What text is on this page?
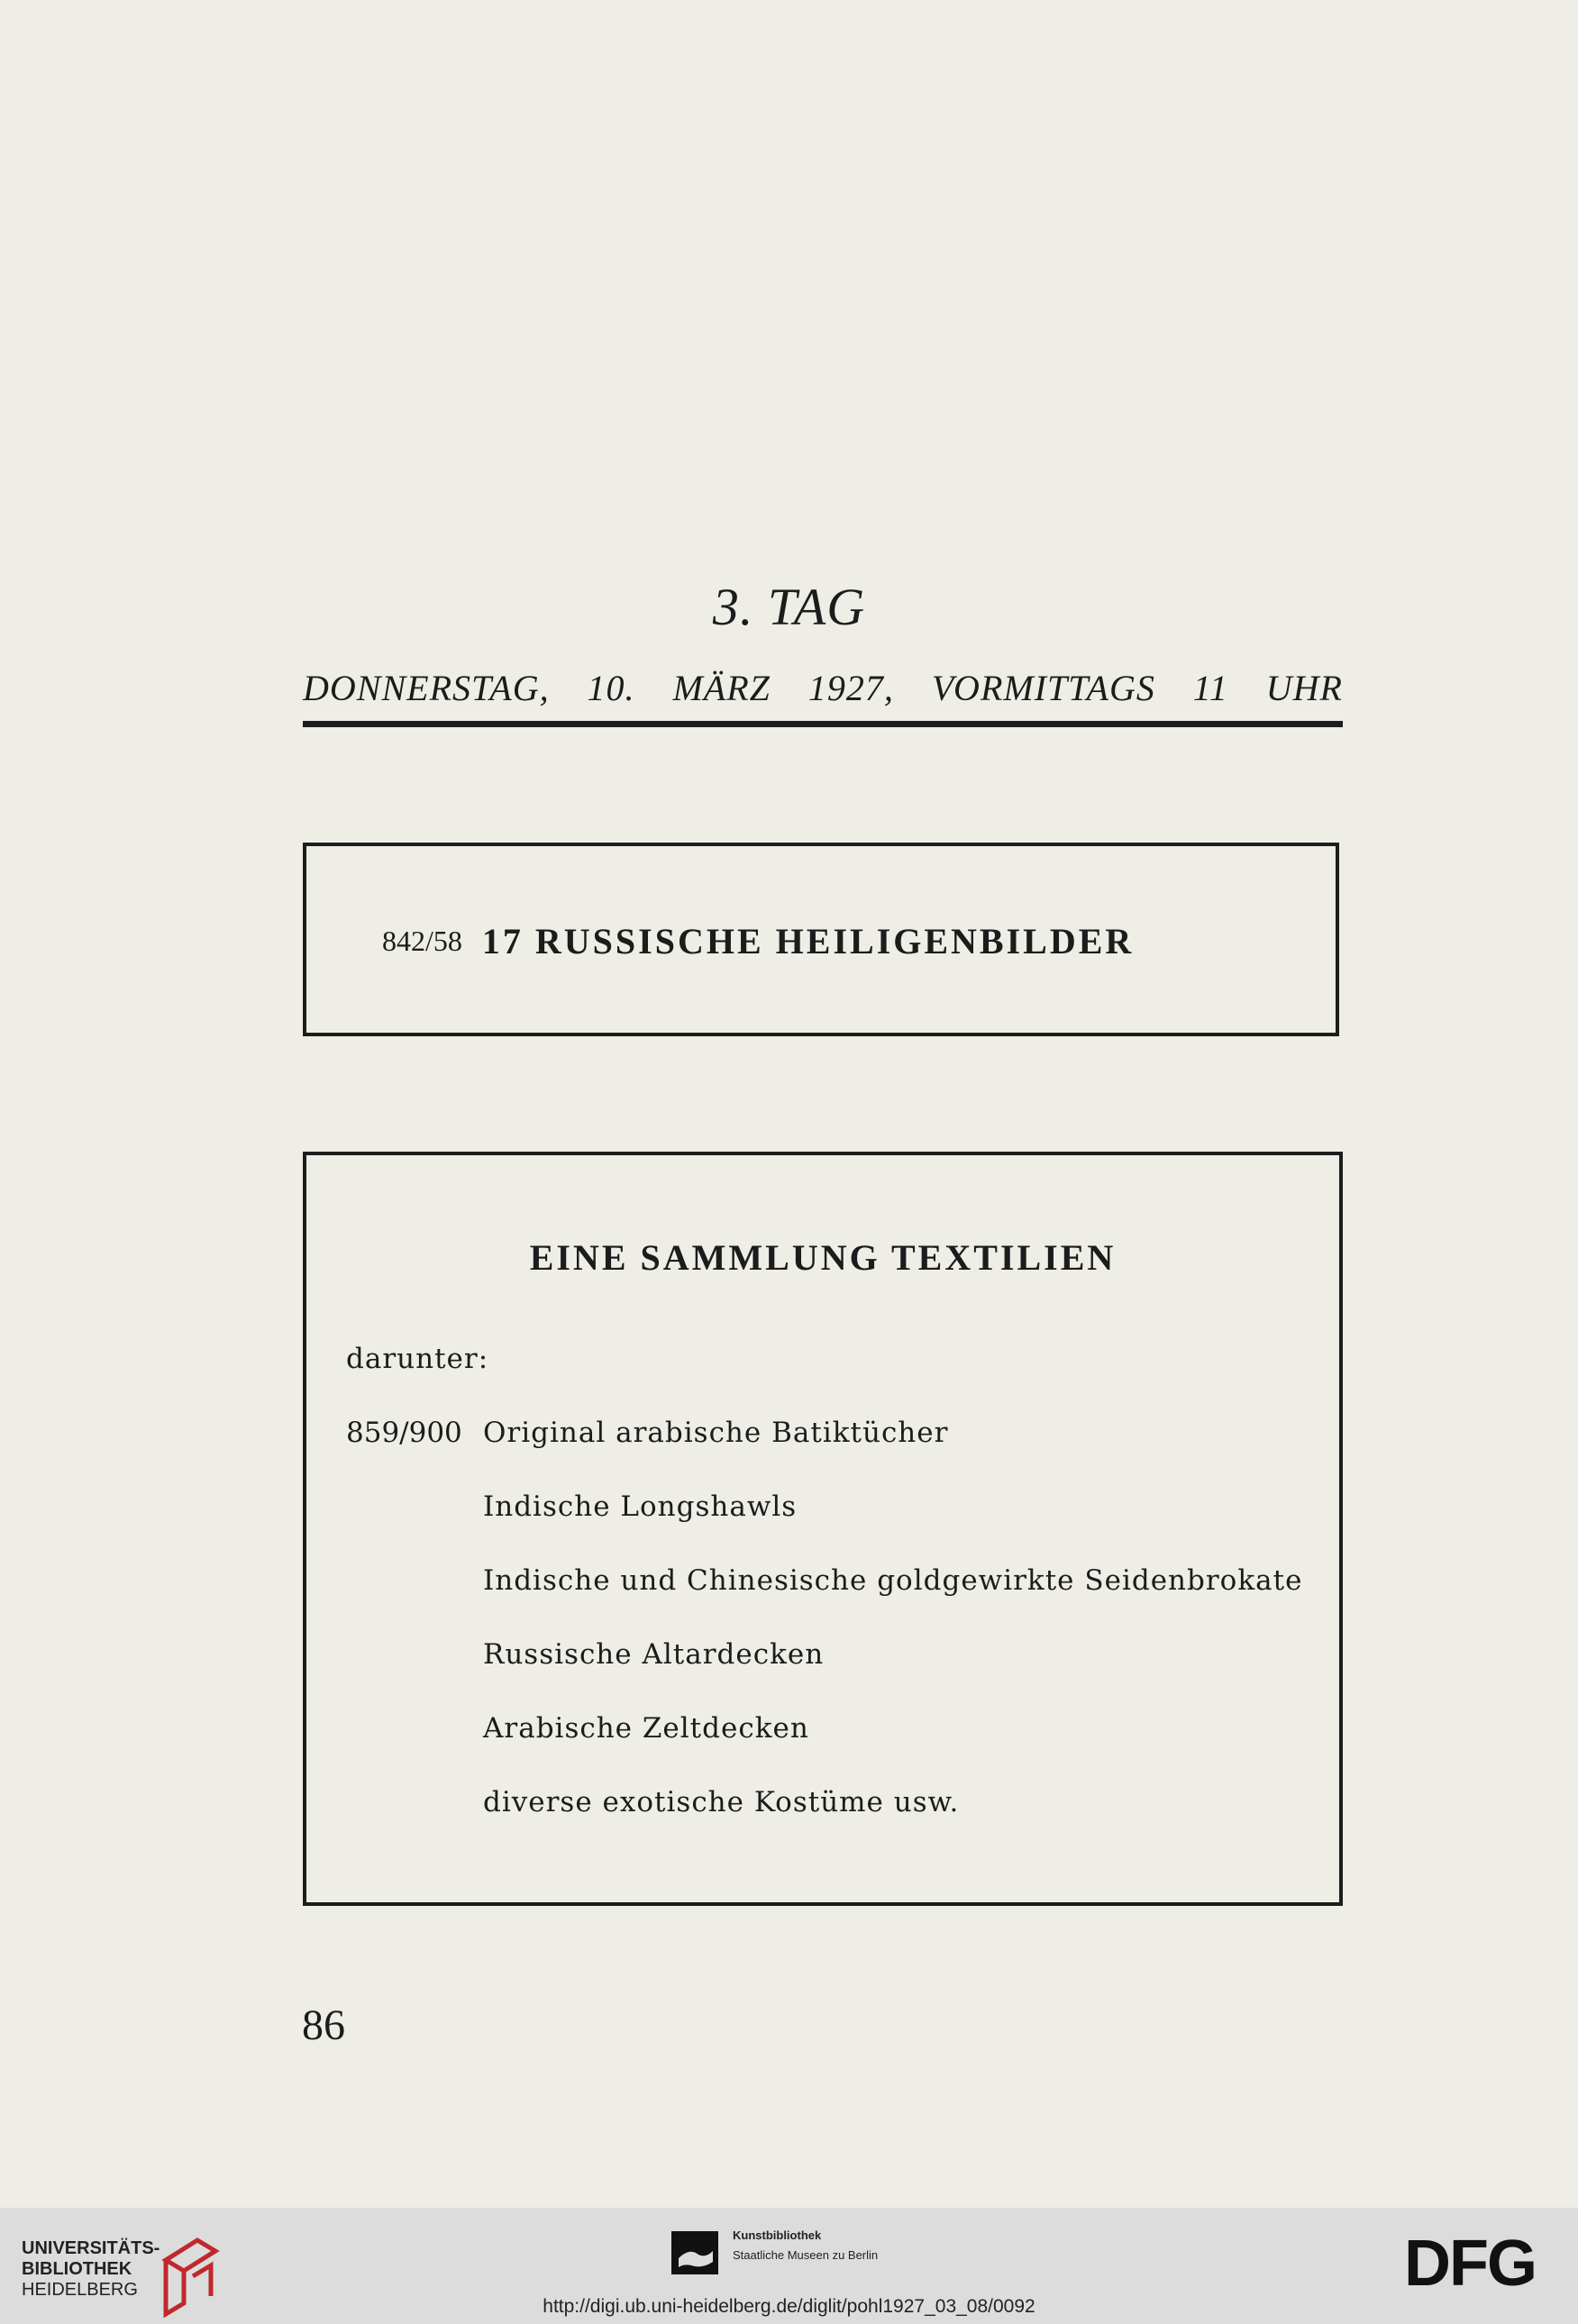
3. TAG
DONNERSTAG, 10. MÄRZ 1927, VORMITTAGS 11 UHR
842/58 17 RUSSISCHE HEILIGENBILDER
EINE SAMMLUNG TEXTILIEN
darunter:
859/900 Original arabische Batiktücher
Indische Longshawls
Indische und Chinesische goldgewirkte Seidenbrokate
Russische Altardecken
Arabische Zeltdecken
diverse exotische Kostüme usw.
86
UNIVERSITÄTS-
BIBLIOTHEK
HEIDELBERG
Kunstbibliothek
Staatliche Museen zu Berlin	DFG
http://digi.ub.uni-heidelberg.de/diglit/pohl1927_03_08/0092
